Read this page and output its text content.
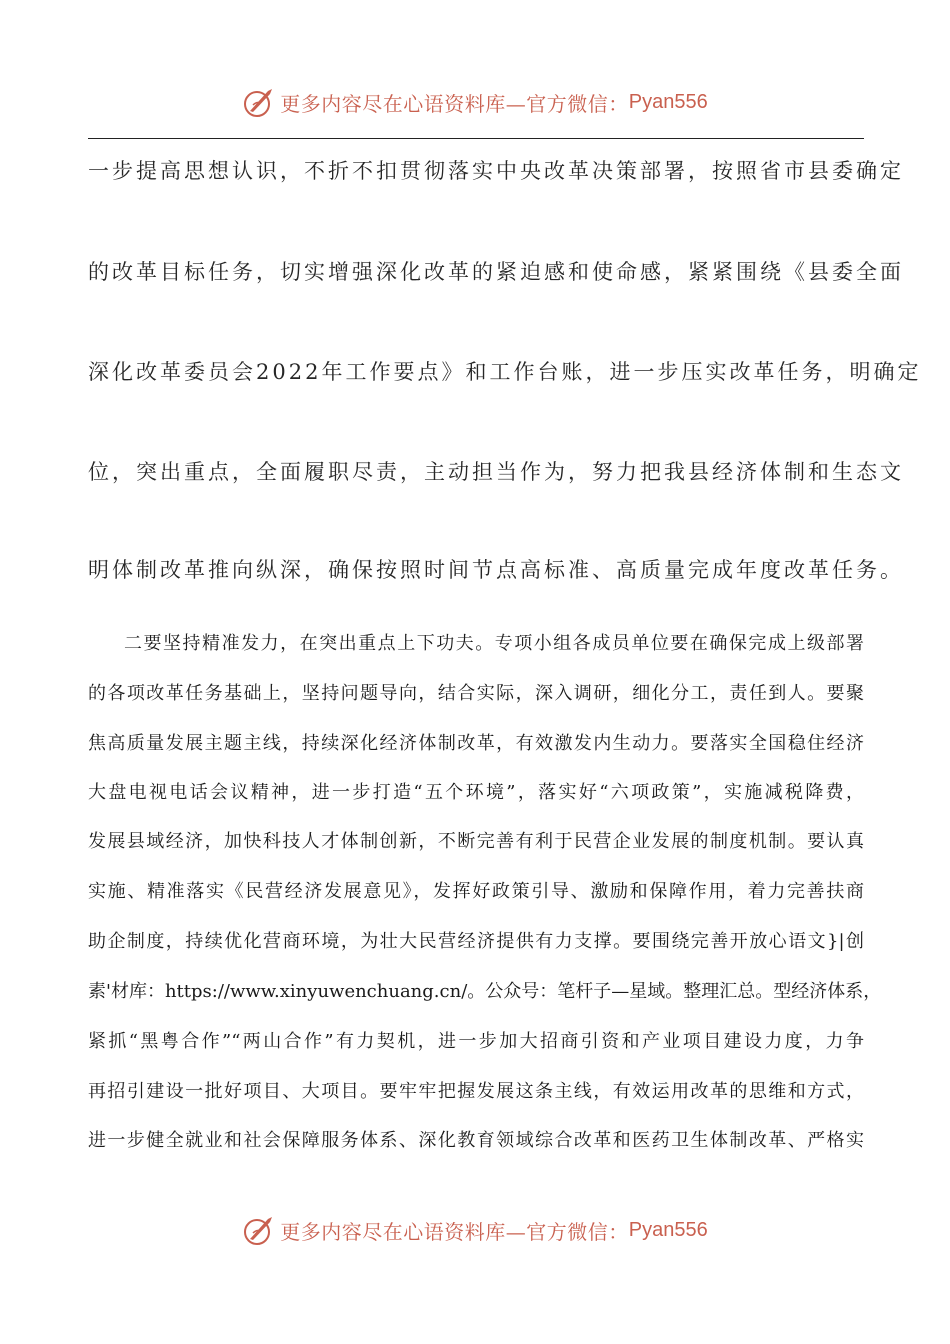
更多内容尽在心语资料库—官方微信： Pyan556
一步提高思想认识，不折不扣贯彻落实中央改革决策部署，按照省市县委确定
的改革目标任务，切实增强深化改革的紧迫感和使命感，紧紧围绕《县委全面
深化改革委员会2022年工作要点》和工作台账，进一步压实改革任务，明确定
位，突出重点，全面履职尽责，主动担当作为，努力把我县经济体制和生态文
明体制改革推向纵深，确保按照时间节点高标准、高质量完成年度改革任务。
二要坚持精准发力，在突出重点上下功夫。专项小组各成员单位要在确保完成上级部署
的各项改革任务基础上，坚持问题导向，结合实际，深入调研，细化分工，责任到人。要聚
焦高质量发展主题主线，持续深化经济体制改革，有效激发内生动力。要落实全国稳住经济
大盘电视电话会议精神，进一步打造“五个环境”，落实好“六项政策”，实施减税降费，
发展县域经济，加快科技人才体制创新，不断完善有利于民营企业发展的制度机制。要认真
实施、精准落实《民营经济发展意见》，发挥好政策引导、激励和保障作用，着力完善扶商
助企制度，持续优化营商环境，为壮大民营经济提供有力支撑。要围绕完善开放心语文}|创
素'材库：https://www.xinyuwenchuang.cn/。公众号：笔杆子—星域。整理汇总。型经济体系，
紧抓“黑粤合作”“两山合作”有力契机，进一步加大招商引资和产业项目建设力度，力争
再招引建设一批好项目、大项目。要牢牢把握发展这条主线，有效运用改革的思维和方式，
进一步健全就业和社会保障服务体系、深化教育领域综合改革和医药卫生体制改革、严格实
更多内容尽在心语资料库—官方微信： Pyan556
